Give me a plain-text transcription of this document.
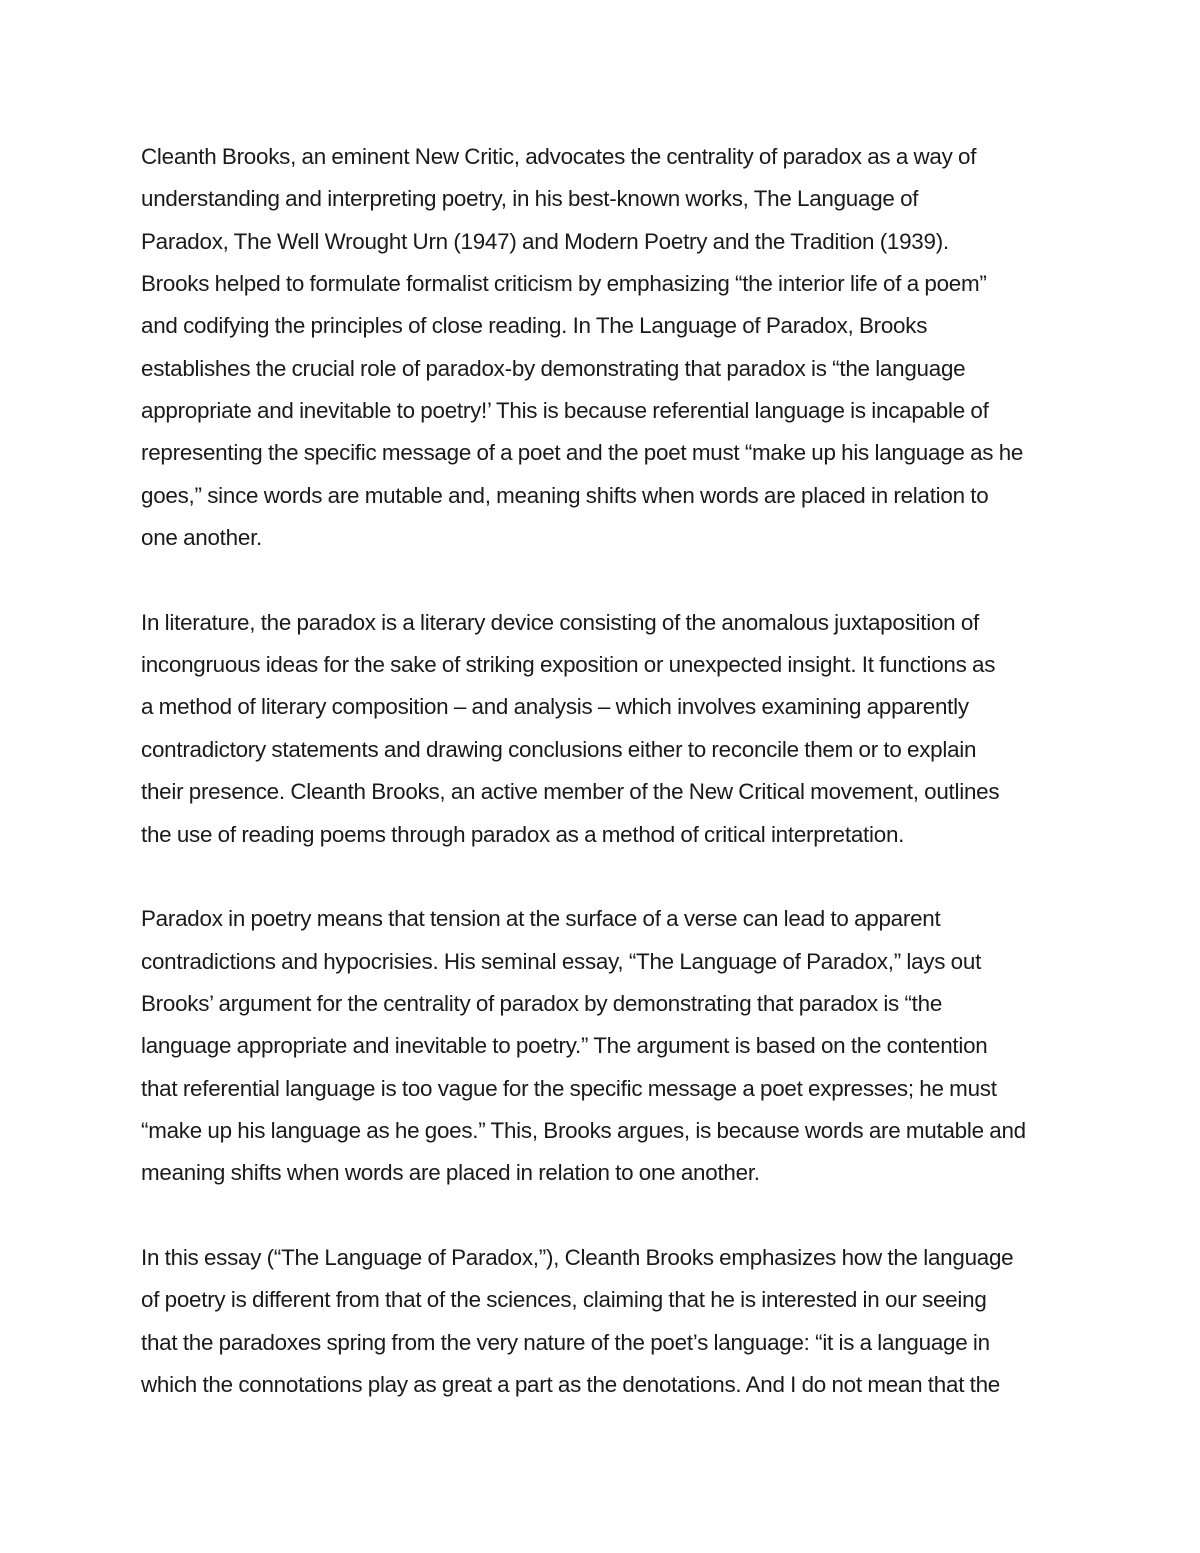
Cleanth Brooks, an eminent New Critic, advocates the centrality of paradox as a way of
understanding and interpreting poetry, in his best-known works, The Language of
Paradox, The Well Wrought Urn (1947) and Modern Poetry and the Tradition (1939).
Brooks helped to formulate formalist criticism by emphasizing “the interior life of a poem”
and codifying the principles of close reading. In The Language of Paradox, Brooks
establishes the crucial role of paradox-by demonstrating that paradox is “the language
appropriate and inevitable to poetry!’ This is because referential language is incapable of
representing the specific message of a poet and the poet must “make up his language as he
goes,” since words are mutable and, meaning shifts when words are placed in relation to
one another.
In literature, the paradox is a literary device consisting of the anomalous juxtaposition of
incongruous ideas for the sake of striking exposition or unexpected insight. It functions as
a method of literary composition – and analysis – which involves examining apparently
contradictory statements and drawing conclusions either to reconcile them or to explain
their presence. Cleanth Brooks, an active member of the New Critical movement, outlines
the use of reading poems through paradox as a method of critical interpretation.
Paradox in poetry means that tension at the surface of a verse can lead to apparent
contradictions and hypocrisies. His seminal essay, “The Language of Paradox,” lays out
Brooks’ argument for the centrality of paradox by demonstrating that paradox is “the
language appropriate and inevitable to poetry.” The argument is based on the contention
that referential language is too vague for the specific message a poet expresses; he must
“make up his language as he goes.” This, Brooks argues, is because words are mutable and
meaning shifts when words are placed in relation to one another.
In this essay (“The Language of Paradox,”), Cleanth Brooks emphasizes how the language
of poetry is different from that of the sciences, claiming that he is interested in our seeing
that the paradoxes spring from the very nature of the poet’s language: “it is a language in
which the connotations play as great a part as the denotations. And I do not mean that the
